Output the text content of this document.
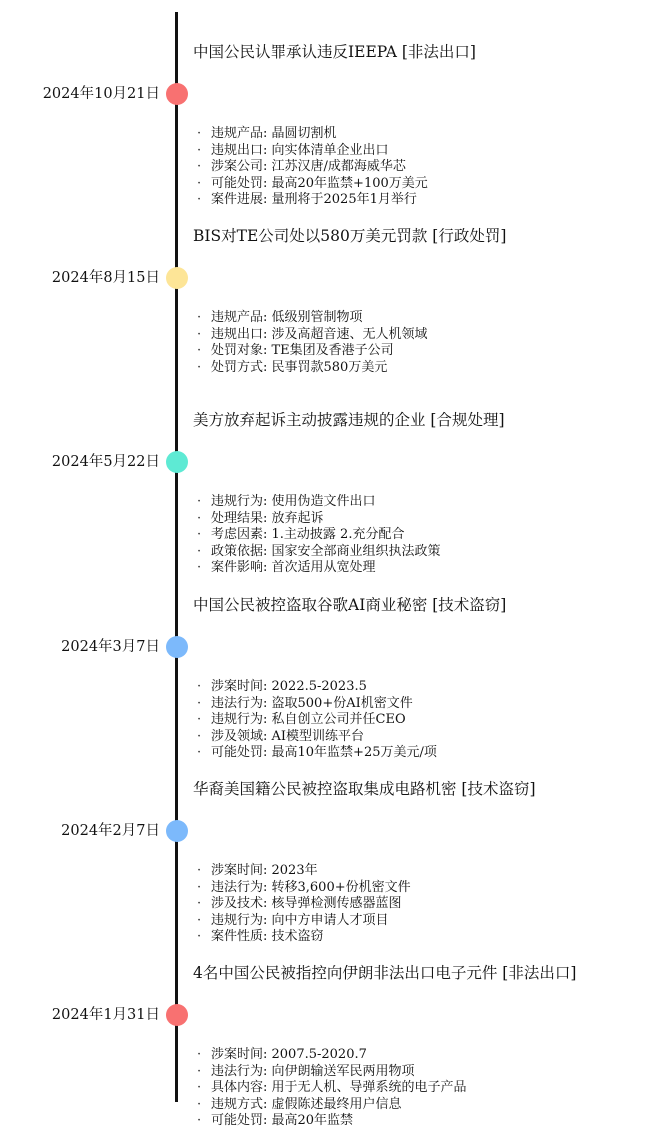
中国公民认罪承认违反IEEPA [非法出口]
2024年10月21日
· 违规产品: 晶圆切割机
· 违规出口: 向实体清单企业出口
· 涉案公司: 江苏汉唐/成都海威华芯
· 可能处罚: 最高20年监禁+100万美元
· 案件进展: 量刑将于2025年1月举行
BIS对TE公司处以580万美元罚款 [行政处罚]
2024年8月15日
· 违规产品: 低级别管制物项
· 违规出口: 涉及高超音速、无人机领域
· 处罚对象: TE集团及香港子公司
· 处罚方式: 民事罚款580万美元
美方放弃起诉主动披露违规的企业 [合规处理]
2024年5月22日
· 违规行为: 使用伪造文件出口
· 处理结果: 放弃起诉
· 考虑因素: 1.主动披露 2.充分配合
· 政策依据: 国家安全部商业组织执法政策
· 案件影响: 首次适用从宽处理
中国公民被控盗取谷歌AI商业秘密 [技术盗窃]
2024年3月7日
· 涉案时间: 2022.5-2023.5
· 违法行为: 盗取500+份AI机密文件
· 违规行为: 私自创立公司并任CEO
· 涉及领域: AI模型训练平台
· 可能处罚: 最高10年监禁+25万美元/项
华裔美国籍公民被控盗取集成电路机密 [技术盗窃]
2024年2月7日
· 涉案时间: 2023年
· 违法行为: 转移3,600+份机密文件
· 涉及技术: 核导弹检测传感器蓝图
· 违规行为: 向中方申请人才项目
· 案件性质: 技术盗窃
4名中国公民被指控向伊朗非法出口电子元件 [非法出口]
2024年1月31日
· 涉案时间: 2007.5-2020.7
· 违法行为: 向伊朗输送军民两用物项
· 具体内容: 用于无人机、导弹系统的电子产品
· 违规方式: 虚假陈述最终用户信息
· 可能处罚: 最高20年监禁
